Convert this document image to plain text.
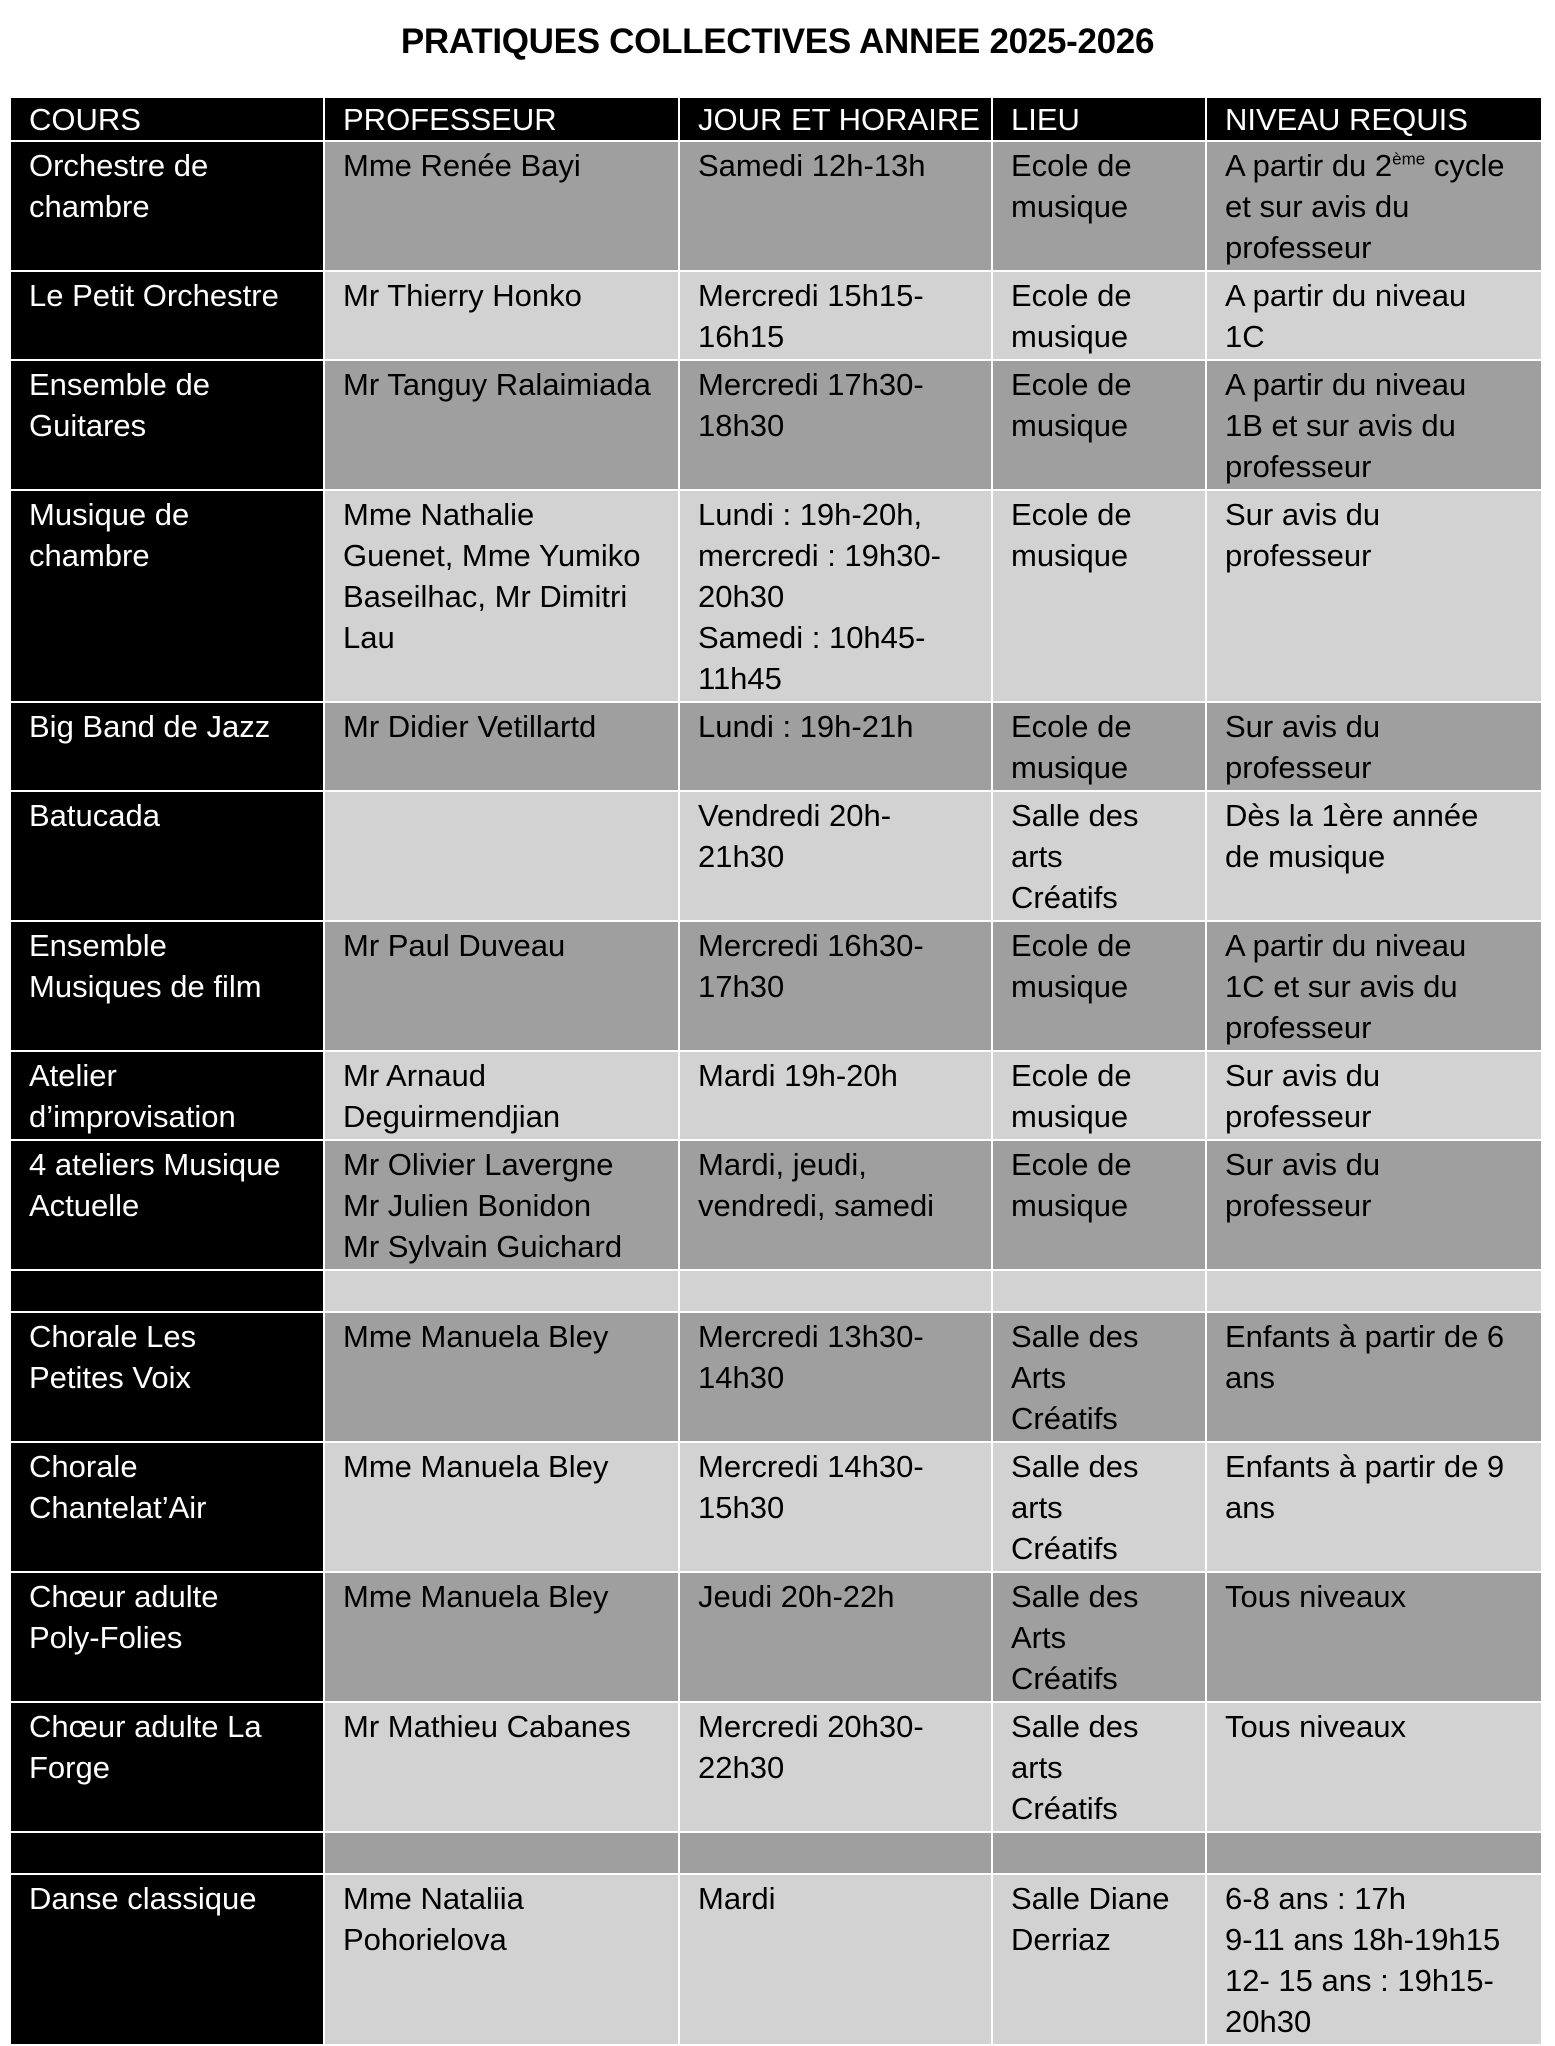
PRATIQUES COLLECTIVES ANNEE 2025-2026
COURS	PROFESSEUR	JOUR ET HORAIRE	LIEU	NIVEAU REQUIS

Orchestre de
chambre	Mme Renée Bayi	Samedi 12h-13h	Ecole de
musique	A partir du 2ème cycle
et sur avis du
professeur

Le Petit Orchestre	Mr Thierry Honko	Mercredi 15h15-
16h15	Ecole de
musique	A partir du niveau
1C

Ensemble de
Guitares	Mr Tanguy Ralaimiada	Mercredi 17h30-
18h30	Ecole de
musique	A partir du niveau
1B et sur avis du
professeur

Musique de
chambre	Mme Nathalie
Guenet, Mme Yumiko
Baseilhac, Mr Dimitri
Lau	Lundi : 19h-20h,
mercredi : 19h30-
20h30
Samedi : 10h45-
11h45	Ecole de
musique	Sur avis du
professeur

Big Band de Jazz	Mr Didier Vetillartd	Lundi : 19h-21h	Ecole de
musique	Sur avis du
professeur

Batucada		Vendredi 20h-
21h30	Salle des
arts
Créatifs	Dès la 1ère année
de musique

Ensemble
Musiques de film	Mr Paul Duveau	Mercredi 16h30-
17h30	Ecole de
musique	A partir du niveau
1C et sur avis du
professeur

Atelier
d’improvisation	Mr Arnaud
Deguirmendjian	Mardi 19h-20h	Ecole de
musique	Sur avis du
professeur

4 ateliers Musique
Actuelle	Mr Olivier Lavergne
Mr Julien Bonidon
Mr Sylvain Guichard	Mardi, jeudi,
vendredi, samedi	Ecole de
musique	Sur avis du
professeur

Chorale Les
Petites Voix	Mme Manuela Bley	Mercredi 13h30-
14h30	Salle des
Arts
Créatifs	Enfants à partir de 6
ans

Chorale
Chantelat’Air	Mme Manuela Bley	Mercredi 14h30-
15h30	Salle des
arts
Créatifs	Enfants à partir de 9
ans

Chœur adulte
Poly-Folies	Mme Manuela Bley	Jeudi 20h-22h	Salle des
Arts
Créatifs	Tous niveaux

Chœur adulte La
Forge	Mr Mathieu Cabanes	Mercredi 20h30-
22h30	Salle des
arts
Créatifs	Tous niveaux

Danse classique	Mme Nataliia
Pohorielova	Mardi	Salle Diane
Derriaz	6-8 ans : 17h
9-11 ans 18h-19h15
12- 15 ans : 19h15-
20h30
